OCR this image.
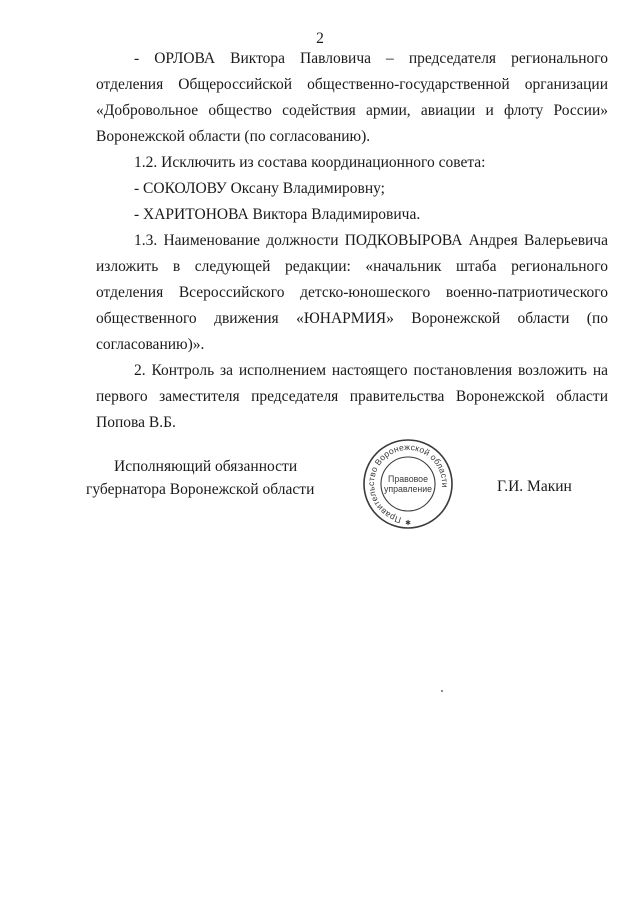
2

- ОРЛОВА Виктора Павловича – председателя регионального отделения Общероссийской общественно-государственной организации «Добровольное общество содействия армии, авиации и флоту России» Воронежской области (по согласованию).

1.2. Исключить из состава координационного совета:

- СОКОЛОВУ Оксану Владимировну;

- ХАРИТОНОВА Виктора Владимировича.

1.3. Наименование должности ПОДКОВЫРОВА Андрея Валерьевича изложить в следующей редакции: «начальник штаба регионального отделения Всероссийского детско-юношеского военно-патриотического общественного движения «ЮНАРМИЯ» Воронежской области (по согласованию)».

2. Контроль за исполнением настоящего постановления возложить на первого заместителя председателя правительства Воронежской области Попова В.Б.

Исполняющий обязанности
губернатора Воронежской области
Правительство Воронежской области
Правовое
управление
✱
Г.И. Макин
